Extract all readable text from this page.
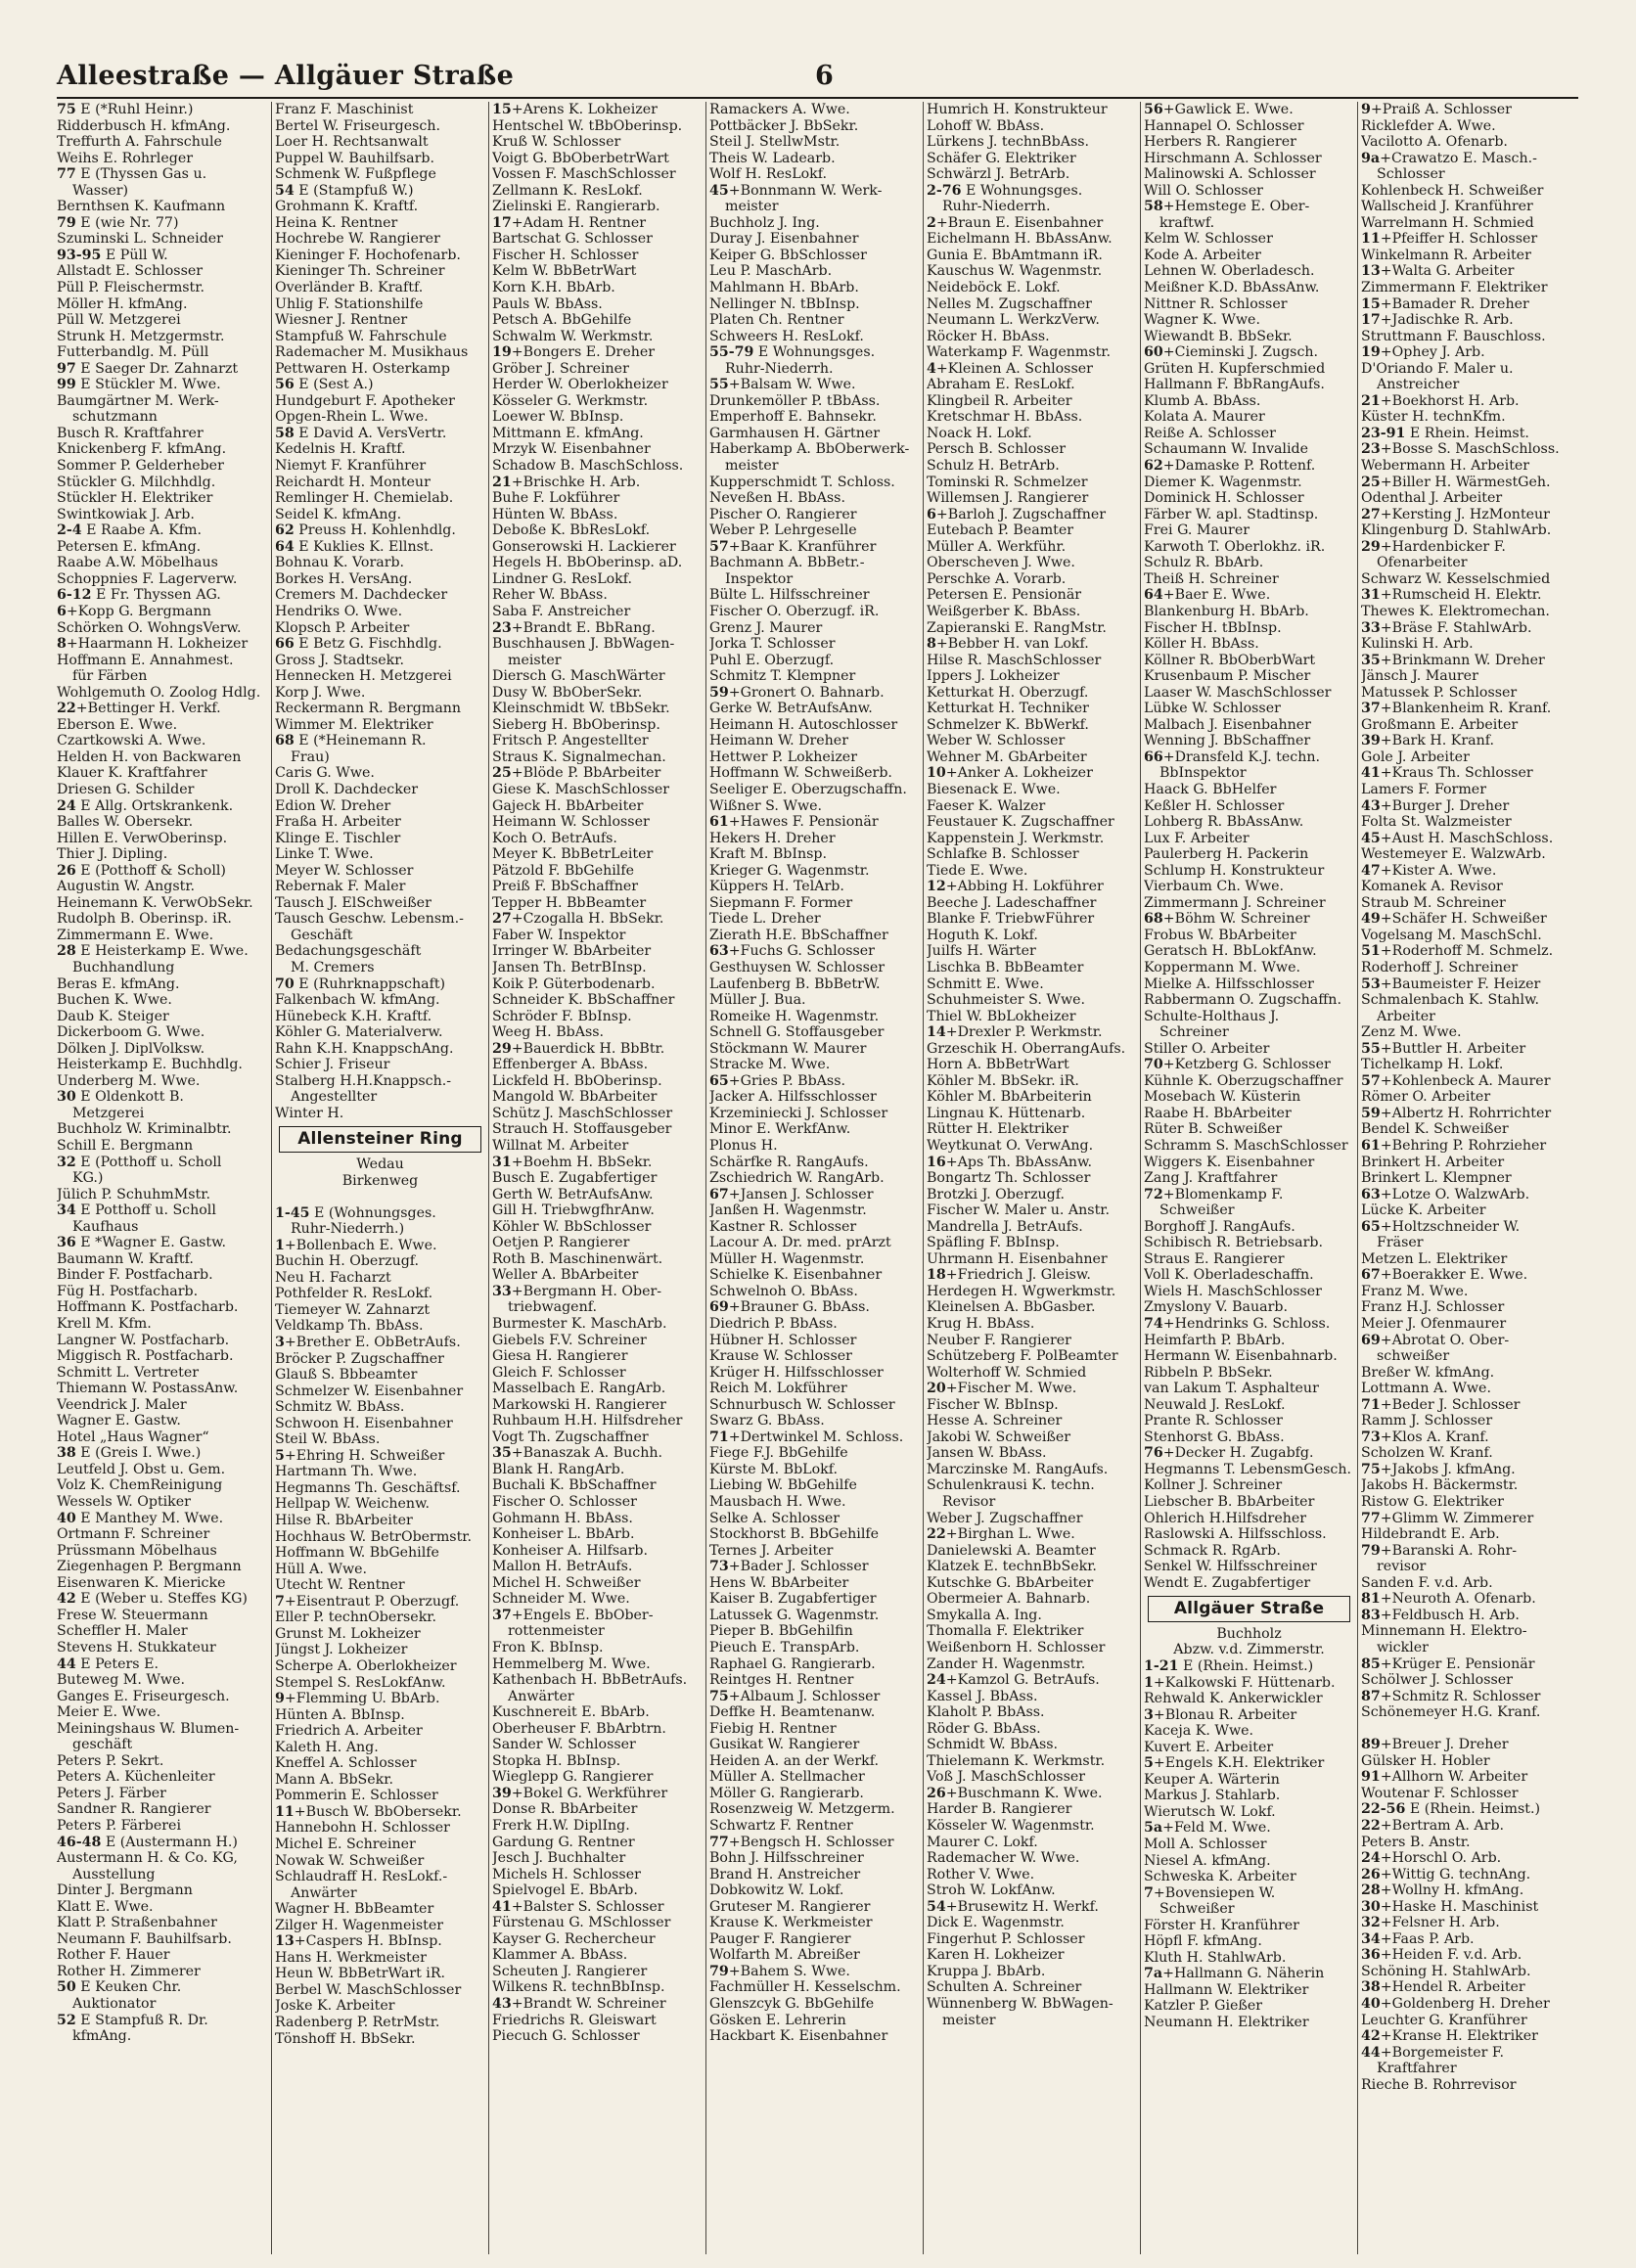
Alleestraße — Allgäuer Straße	6
75 E (*Ruhl Heinr.)
Ridderbusch H. kfmAng.
Treffurth A. Fahrschule
Weihs E. Rohrleger
77 E (Thyssen Gas u.
Wasser)
Bernthsen K. Kaufmann
79 E (wie Nr. 77)
Szuminski L. Schneider
93-95 E Püll W.
Allstadt E. Schlosser
Püll P. Fleischermstr.
Möller H. kfmAng.
Püll W. Metzgerei
Strunk H. Metzgermstr.
Futterbandlg. M. Püll
97 E Saeger Dr. Zahnarzt
99 E Stückler M. Wwe.
Baumgärtner M. Werk-
schutzmann
Busch R. Kraftfahrer
Knickenberg F. kfmAng.
Sommer P. Gelderheber
Stückler G. Milchhdlg.
Stückler H. Elektriker
Swintkowiak J. Arb.
2-4 E Raabe A. Kfm.
Petersen E. kfmAng.
Raabe A.W. Möbelhaus
Schoppnies F. Lagerverw.
6-12 E Fr. Thyssen AG.
6+Kopp G. Bergmann
Schörken O. WohngsVerw.
8+Haarmann H. Lokheizer
Hoffmann E. Annahmest.
für Färben
Wohlgemuth O. Zoolog Hdlg.
22+Bettinger H. Verkf.
Eberson E. Wwe.
Czartkowski A. Wwe.
Helden H. von Backwaren
Klauer K. Kraftfahrer
Driesen G. Schilder
24 E Allg. Ortskrankenk.
Balles W. Obersekr.
Hillen E. VerwOberinsp.
Thier J. Dipling.
26 E (Potthoff & Scholl)
Augustin W. Angstr.
Heinemann K. VerwObSekr.
Rudolph B. Oberinsp. iR.
Zimmermann E. Wwe.
28 E Heisterkamp E. Wwe.
Buchhandlung
Beras E. kfmAng.
Buchen K. Wwe.
Daub K. Steiger
Dickerboom G. Wwe.
Dölken J. DiplVolksw.
Heisterkamp E. Buchhdlg.
Underberg M. Wwe.
30 E Oldenkott B.
Metzgerei
Buchholz W. Kriminalbtr.
Schill E. Bergmann
32 E (Potthoff u. Scholl
KG.)
Jülich P. SchuhmMstr.
34 E Potthoff u. Scholl
Kaufhaus
36 E *Wagner E. Gastw.
Baumann W. Kraftf.
Binder F. Postfacharb.
Füg H. Postfacharb.
Hoffmann K. Postfacharb.
Krell M. Kfm.
Langner W. Postfacharb.
Miggisch R. Postfacharb.
Schmitt L. Vertreter
Thiemann W. PostassAnw.
Veendrick J. Maler
Wagner E. Gastw.
Hotel „Haus Wagner“
38 E (Greis I. Wwe.)
Leutfeld J. Obst u. Gem.
Volz K. ChemReinigung
Wessels W. Optiker
40 E Manthey M. Wwe.
Ortmann F. Schreiner
Prüssmann Möbelhaus
Ziegenhagen P. Bergmann
Eisenwaren K. Miericke
42 E (Weber u. Steffes KG)
Frese W. Steuermann
Scheffler H. Maler
Stevens H. Stukkateur
44 E Peters E.
Buteweg M. Wwe.
Ganges E. Friseurgesch.
Meier E. Wwe.
Meiningshaus W. Blumen-
geschäft
Peters P. Sekrt.
Peters A. Küchenleiter
Peters J. Färber
Sandner R. Rangierer
Peters P. Färberei
46-48 E (Austermann H.)
Austermann H. & Co. KG,
Ausstellung
Dinter J. Bergmann
Klatt E. Wwe.
Klatt P. Straßenbahner
Neumann F. Bauhilfsarb.
Rother F. Hauer
Rother H. Zimmerer
50 E Keuken Chr.
Auktionator
52 E Stampfuß R. Dr.
kfmAng.
Franz F. Maschinist
Bertel W. Friseurgesch.
Loer H. Rechtsanwalt
Puppel W. Bauhilfsarb.
Schmenk W. Fußpflege
54 E (Stampfuß W.)
Grohmann K. Kraftf.
Heina K. Rentner
Hochrebe W. Rangierer
Kieninger F. Hochofenarb.
Kieninger Th. Schreiner
Overländer B. Kraftf.
Uhlig F. Stationshilfe
Wiesner J. Rentner
Stampfuß W. Fahrschule
Rademacher M. Musikhaus
Pettwaren H. Osterkamp
56 E (Sest A.)
Hundgeburt F. Apotheker
Opgen-Rhein L. Wwe.
58 E David A. VersVertr.
Kedelnis H. Kraftf.
Niemyt F. Kranführer
Reichardt H. Monteur
Remlinger H. Chemielab.
Seidel K. kfmAng.
62 Preuss H. Kohlenhdlg.
64 E Kuklies K. Ellnst.
Bohnau K. Vorarb.
Borkes H. VersAng.
Cremers M. Dachdecker
Hendriks O. Wwe.
Klopsch P. Arbeiter
66 E Betz G. Fischhdlg.
Gross J. Stadtsekr.
Hennecken H. Metzgerei
Korp J. Wwe.
Reckermann R. Bergmann
Wimmer M. Elektriker
68 E (*Heinemann R.
Frau)
Caris G. Wwe.
Droll K. Dachdecker
Edion W. Dreher
Fraßa H. Arbeiter
Klinge E. Tischler
Linke T. Wwe.
Meyer W. Schlosser
Rebernak F. Maler
Tausch J. ElSchweißer
Tausch Geschw. Lebensm.-
Geschäft
Bedachungsgeschäft
M. Cremers
70 E (Ruhrknappschaft)
Falkenbach W. kfmAng.
Hünebeck K.H. Kraftf.
Köhler G. Materialverw.
Rahn K.H. KnappschAng.
Schier J. Friseur
Stalberg H.H.Knappsch.-
Angestellter
Winter H.
Allensteiner Ring
Wedau
Birkenweg

1-45 E (Wohnungsges.
Ruhr-Niederrh.)
1+Bollenbach E. Wwe.
Buchin H. Oberzugf.
Neu H. Facharzt
Pothfelder R. ResLokf.
Tiemeyer W. Zahnarzt
Veldkamp Th. BbAss.
3+Brether E. ObBetrAufs.
Bröcker P. Zugschaffner
Glauß S. Bbbeamter
Schmelzer W. Eisenbahner
Schmitz W. BbAss.
Schwoon H. Eisenbahner
Steil W. BbAss.
5+Ehring H. Schweißer
Hartmann Th. Wwe.
Hegmanns Th. Geschäftsf.
Hellpap W. Weichenw.
Hilse R. BbArbeiter
Hochhaus W. BetrObermstr.
Hoffmann W. BbGehilfe
Hüll A. Wwe.
Utecht W. Rentner
7+Eisentraut P. Oberzugf.
Eller P. technObersekr.
Grunst M. Lokheizer
Jüngst J. Lokheizer
Scherpe A. Oberlokheizer
Stempel S. ResLokfAnw.
9+Flemming U. BbArb.
Hünten A. BbInsp.
Friedrich A. Arbeiter
Kaleth H. Ang.
Kneffel A. Schlosser
Mann A. BbSekr.
Pommerin E. Schlosser
11+Busch W. BbObersekr.
Hannebohn H. Schlosser
Michel E. Schreiner
Nowak W. Schweißer
Schlaudraff H. ResLokf.-
Anwärter
Wagner H. BbBeamter
Zilger H. Wagenmeister
13+Caspers H. BbInsp.
Hans H. Werkmeister
Heun W. BbBetrWart iR.
Berbel W. MaschSchlosser
Joske K. Arbeiter
Radenberg P. RetrMstr.
Tönshoff H. BbSekr.
15+Arens K. Lokheizer
Hentschel W. tBbOberinsp.
Kruß W. Schlosser
Voigt G. BbOberbetrWart
Vossen F. MaschSchlosser
Zellmann K. ResLokf.
Zielinski E. Rangierarb.
17+Adam H. Rentner
Bartschat G. Schlosser
Fischer H. Schlosser
Kelm W. BbBetrWart
Korn K.H. BbArb.
Pauls W. BbAss.
Petsch A. BbGehilfe
Schwalm W. Werkmstr.
19+Bongers E. Dreher
Gröber J. Schreiner
Herder W. Oberlokheizer
Kösseler G. Werkmstr.
Loewer W. BbInsp.
Mittmann E. kfmAng.
Mrzyk W. Eisenbahner
Schadow B. MaschSchloss.
21+Brischke H. Arb.
Buhe F. Lokführer
Hünten W. BbAss.
Deboße K. BbResLokf.
Gonserowski H. Lackierer
Hegels H. BbOberinsp. aD.
Lindner G. ResLokf.
Reher W. BbAss.
Saba F. Anstreicher
23+Brandt E. BbRang.
Buschhausen J. BbWagen-
meister
Diersch G. MaschWärter
Dusy W. BbOberSekr.
Kleinschmidt W. tBbSekr.
Sieberg H. BbOberinsp.
Fritsch P. Angestellter
Straus K. Signalmechan.
25+Blöde P. BbArbeiter
Giese K. MaschSchlosser
Gajeck H. BbArbeiter
Heimann W. Schlosser
Koch O. BetrAufs.
Meyer K. BbBetrLeiter
Pätzold F. BbGehilfe
Preiß F. BbSchaffner
Tepper H. BbBeamter
27+Czogalla H. BbSekr.
Faber W. Inspektor
Irringer W. BbArbeiter
Jansen Th. BetrBInsp.
Koik P. Güterbodenarb.
Schneider K. BbSchaffner
Schröder F. BbInsp.
Weeg H. BbAss.
29+Bauerdick H. BbBtr.
Effenberger A. BbAss.
Lickfeld H. BbOberinsp.
Mangold W. BbArbeiter
Schütz J. MaschSchlosser
Strauch H. Stoffausgeber
Willnat M. Arbeiter
31+Boehm H. BbSekr.
Busch E. Zugabfertiger
Gerth W. BetrAufsAnw.
Gill H. TriebwgfhrAnw.
Köhler W. BbSchlosser
Oetjen P. Rangierer
Roth B. Maschinenwärt.
Weller A. BbArbeiter
33+Bergmann H. Ober-
triebwagenf.
Burmester K. MaschArb.
Giebels F.V. Schreiner
Giesa H. Rangierer
Gleich F. Schlosser
Masselbach E. RangArb.
Markowski H. Rangierer
Ruhbaum H.H. Hilfsdreher
Vogt Th. Zugschaffner
35+Banaszak A. Buchh.
Blank H. RangArb.
Buchali K. BbSchaffner
Fischer O. Schlosser
Gohmann H. BbAss.
Konheiser L. BbArb.
Konheiser A. Hilfsarb.
Mallon H. BetrAufs.
Michel H. Schweißer
Schneider M. Wwe.
37+Engels E. BbOber-
rottenmeister
Fron K. BbInsp.
Hemmelberg M. Wwe.
Kathenbach H. BbBetrAufs.
Anwärter
Kuschnereit E. BbArb.
Oberheuser F. BbArbtrn.
Sander W. Schlosser
Stopka H. BbInsp.
Wieglepp G. Rangierer
39+Bokel G. Werkführer
Donse R. BbArbeiter
Frerk H.W. DiplIng.
Gardung G. Rentner
Jesch J. Buchhalter
Michels H. Schlosser
Spielvogel E. BbArb.
41+Balster S. Schlosser
Fürstenau G. MSchlosser
Kayser G. Rechercheur
Klammer A. BbAss.
Scheuten J. Rangierer
Wilkens R. technBbInsp.
43+Brandt W. Schreiner
Friedrichs R. Gleiswart
Piecuch G. Schlosser
Ramackers A. Wwe.
Pottbäcker J. BbSekr.
Steil J. StellwMstr.
Theis W. Ladearb.
Wolf H. ResLokf.
45+Bonnmann W. Werk-
meister
Buchholz J. Ing.
Duray J. Eisenbahner
Keiper G. BbSchlosser
Leu P. MaschArb.
Mahlmann H. BbArb.
Nellinger N. tBbInsp.
Platen Ch. Rentner
Schweers H. ResLokf.
55-79 E Wohnungsges.
Ruhr-Niederrh.
55+Balsam W. Wwe.
Drunkemöller P. tBbAss.
Emperhoff E. Bahnsekr.
Garmhausen H. Gärtner
Haberkamp A. BbOberwerk-
meister
Kupperschmidt T. Schloss.
Neveßen H. BbAss.
Pischer O. Rangierer
Weber P. Lehrgeselle
57+Baar K. Kranführer
Bachmann A. BbBetr.-
Inspektor
Bülte L. Hilfsschreiner
Fischer O. Oberzugf. iR.
Grenz J. Maurer
Jorka T. Schlosser
Puhl E. Oberzugf.
Schmitz T. Klempner
59+Gronert O. Bahnarb.
Gerke W. BetrAufsAnw.
Heimann H. Autoschlosser
Heimann W. Dreher
Hettwer P. Lokheizer
Hoffmann W. Schweißerb.
Seeliger E. Oberzugschaffn.
Wißner S. Wwe.
61+Hawes F. Pensionär
Hekers H. Dreher
Kraft M. BbInsp.
Krieger G. Wagenmstr.
Küppers H. TelArb.
Siepmann F. Former
Tiede L. Dreher
Zierath H.E. BbSchaffner
63+Fuchs G. Schlosser
Gesthuysen W. Schlosser
Laufenberg B. BbBetrW.
Müller J. Bua.
Romeike H. Wagenmstr.
Schnell G. Stoffausgeber
Stöckmann W. Maurer
Stracke M. Wwe.
65+Gries P. BbAss.
Jacker A. Hilfsschlosser
Krzeminiecki J. Schlosser
Minor E. WerkfAnw.
Plonus H.
Schärfke R. RangAufs.
Zschiedrich W. RangArb.
67+Jansen J. Schlosser
Janßen H. Wagenmstr.
Kastner R. Schlosser
Lacour A. Dr. med. prArzt
Müller H. Wagenmstr.
Schielke K. Eisenbahner
Schwelnoh O. BbAss.
69+Brauner G. BbAss.
Diedrich P. BbAss.
Hübner H. Schlosser
Krause W. Schlosser
Krüger H. Hilfsschlosser
Reich M. Lokführer
Schnurbusch W. Schlosser
Swarz G. BbAss.
71+Dertwinkel M. Schloss.
Fiege F.J. BbGehilfe
Kürste M. BbLokf.
Liebing W. BbGehilfe
Mausbach H. Wwe.
Selke A. Schlosser
Stockhorst B. BbGehilfe
Ternes J. Arbeiter
73+Bader J. Schlosser
Hens W. BbArbeiter
Kaiser B. Zugabfertiger
Latussek G. Wagenmstr.
Pieper B. BbGehilfin
Pieuch E. TranspArb.
Raphael G. Rangierarb.
Reintges H. Rentner
75+Albaum J. Schlosser
Deffke H. Beamtenanw.
Fiebig H. Rentner
Gusikat W. Rangierer
Heiden A. an der Werkf.
Müller A. Stellmacher
Möller G. Rangierarb.
Rosenzweig W. Metzgerm.
Schwartz F. Rentner
77+Bengsch H. Schlosser
Bohn J. Hilfsschreiner
Brand H. Anstreicher
Dobkowitz W. Lokf.
Gruteser M. Rangierer
Krause K. Werkmeister
Pauger F. Rangierer
Wolfarth M. Abreißer
79+Bahem S. Wwe.
Fachmüller H. Kesselschm.
Glenszcyk G. BbGehilfe
Gösken E. Lehrerin
Hackbart K. Eisenbahner
Humrich H. Konstrukteur
Lohoff W. BbAss.
Lürkens J. technBbAss.
Schäfer G. Elektriker
Schwärzl J. BetrArb.
2-76 E Wohnungsges.
Ruhr-Niederrh.
2+Braun E. Eisenbahner
Eichelmann H. BbAssAnw.
Gunia E. BbAmtmann iR.
Kauschus W. Wagenmstr.
Neideböck E. Lokf.
Nelles M. Zugschaffner
Neumann L. WerkzVerw.
Röcker H. BbAss.
Waterkamp F. Wagenmstr.
4+Kleinen A. Schlosser
Abraham E. ResLokf.
Klingbeil R. Arbeiter
Kretschmar H. BbAss.
Noack H. Lokf.
Persch B. Schlosser
Schulz H. BetrArb.
Tominski R. Schmelzer
Willemsen J. Rangierer
6+Barloh J. Zugschaffner
Eutebach P. Beamter
Müller A. Werkführ.
Oberscheven J. Wwe.
Perschke A. Vorarb.
Petersen E. Pensionär
Weißgerber K. BbAss.
Zapieranski E. RangMstr.
8+Bebber H. van Lokf.
Hilse R. MaschSchlosser
Ippers J. Lokheizer
Ketturkat H. Oberzugf.
Ketturkat H. Techniker
Schmelzer K. BbWerkf.
Weber W. Schlosser
Wehner M. GbArbeiter
10+Anker A. Lokheizer
Biesenack E. Wwe.
Faeser K. Walzer
Feustauer K. Zugschaffner
Kappenstein J. Werkmstr.
Schlafke B. Schlosser
Tiede E. Wwe.
12+Abbing H. Lokführer
Beeche J. Ladeschaffner
Blanke F. TriebwFührer
Hoguth K. Lokf.
Juilfs H. Wärter
Lischka B. BbBeamter
Schmitt E. Wwe.
Schuhmeister S. Wwe.
Thiel W. BbLokheizer
14+Drexler P. Werkmstr.
Grzeschik H. OberrangAufs.
Horn A. BbBetrWart
Köhler M. BbSekr. iR.
Köhler M. BbArbeiterin
Lingnau K. Hüttenarb.
Rütter H. Elektriker
Weytkunat O. VerwAng.
16+Aps Th. BbAssAnw.
Bongartz Th. Schlosser
Brotzki J. Oberzugf.
Fischer W. Maler u. Anstr.
Mandrella J. BetrAufs.
Späfling F. BbInsp.
Uhrmann H. Eisenbahner
18+Friedrich J. Gleisw.
Herdegen H. Wgwerkmstr.
Kleinelsen A. BbGasber.
Krug H. BbAss.
Neuber F. Rangierer
Schützeberg F. PolBeamter
Wolterhoff W. Schmied
20+Fischer M. Wwe.
Fischer W. BbInsp.
Hesse A. Schreiner
Jakobi W. Schweißer
Jansen W. BbAss.
Marczinske M. RangAufs.
Schulenkrausi K. techn.
Revisor
Weber J. Zugschaffner
22+Birghan L. Wwe.
Danielewski A. Beamter
Klatzek E. technBbSekr.
Kutschke G. BbArbeiter
Obermeier A. Bahnarb.
Smykalla A. Ing.
Thomalla F. Elektriker
Weißenborn H. Schlosser
Zander H. Wagenmstr.
24+Kamzol G. BetrAufs.
Kassel J. BbAss.
Klaholt P. BbAss.
Röder G. BbAss.
Schmidt W. BbAss.
Thielemann K. Werkmstr.
Voß J. MaschSchlosser
26+Buschmann K. Wwe.
Harder B. Rangierer
Kösseler W. Wagenmstr.
Maurer C. Lokf.
Rademacher W. Wwe.
Rother V. Wwe.
Stroh W. LokfAnw.
54+Brusewitz H. Werkf.
Dick E. Wagenmstr.
Fingerhut P. Schlosser
Karen H. Lokheizer
Kruppa J. BbArb.
Schulten A. Schreiner
Wünnenberg W. BbWagen-
meister
56+Gawlick E. Wwe.
Hannapel O. Schlosser
Herbers R. Rangierer
Hirschmann A. Schlosser
Malinowski A. Schlosser
Will O. Schlosser
58+Hemstege E. Ober-
kraftwf.
Kelm W. Schlosser
Kode A. Arbeiter
Lehnen W. Oberladesch.
Meißner K.D. BbAssAnw.
Nittner R. Schlosser
Wagner K. Wwe.
Wiewandt B. BbSekr.
60+Cieminski J. Zugsch.
Grüten H. Kupferschmied
Hallmann F. BbRangAufs.
Klumb A. BbAss.
Kolata A. Maurer
Reiße A. Schlosser
Schaumann W. Invalide
62+Damaske P. Rottenf.
Diemer K. Wagenmstr.
Dominick H. Schlosser
Färber W. apl. Stadtinsp.
Frei G. Maurer
Karwoth T. Oberlokhz. iR.
Schulz R. BbArb.
Theiß H. Schreiner
64+Baer E. Wwe.
Blankenburg H. BbArb.
Fischer H. tBbInsp.
Köller H. BbAss.
Köllner R. BbOberbWart
Krusenbaum P. Mischer
Laaser W. MaschSchlosser
Lübke W. Schlosser
Malbach J. Eisenbahner
Wenning J. BbSchaffner
66+Dransfeld K.J. techn.
BbInspektor
Haack G. BbHelfer
Keßler H. Schlosser
Lohberg R. BbAssAnw.
Lux F. Arbeiter
Paulerberg H. Packerin
Schlump H. Konstrukteur
Vierbaum Ch. Wwe.
Zimmermann J. Schreiner
68+Böhm W. Schreiner
Frobus W. BbArbeiter
Geratsch H. BbLokfAnw.
Koppermann M. Wwe.
Mielke A. Hilfsschlosser
Rabbermann O. Zugschaffn.
Schulte-Holthaus J.
Schreiner
Stiller O. Arbeiter
70+Ketzberg G. Schlosser
Kühnle K. Oberzugschaffner
Mosebach W. Küsterin
Raabe H. BbArbeiter
Rüter B. Schweißer
Schramm S. MaschSchlosser
Wiggers K. Eisenbahner
Zang J. Kraftfahrer
72+Blomenkamp F.
Schweißer
Borghoff J. RangAufs.
Schibisch R. Betriebsarb.
Straus E. Rangierer
Voll K. Oberladeschaffn.
Wiels H. MaschSchlosser
Zmyslony V. Bauarb.
74+Hendrinks G. Schloss.
Heimfarth P. BbArb.
Hermann W. Eisenbahnarb.
Ribbeln P. BbSekr.
van Lakum T. Asphalteur
Neuwald J. ResLokf.
Prante R. Schlosser
Stenhorst G. BbAss.
76+Decker H. Zugabfg.
Hegmanns T. LebensmGesch.
Kollner J. Schreiner
Liebscher B. BbArbeiter
Ohlerich H.Hilfsdreher
Raslowski A. Hilfsschloss.
Schmack R. RgArb.
Senkel W. Hilfsschreiner
Wendt E. Zugabfertiger
Allgäuer Straße
Buchholz
Abzw. v.d. Zimmerstr.
1-21 E (Rhein. Heimst.)
1+Kalkowski F. Hüttenarb.
Rehwald K. Ankerwickler
3+Blonau R. Arbeiter
Kaceja K. Wwe.
Kuvert E. Arbeiter
5+Engels K.H. Elektriker
Keuper A. Wärterin
Markus J. Stahlarb.
Wierutsch W. Lokf.
5a+Feld M. Wwe.
Moll A. Schlosser
Niesel A. kfmAng.
Schweska K. Arbeiter
7+Bovensiepen W.
Schweißer
Förster H. Kranführer
Höpfl F. kfmAng.
Kluth H. StahlwArb.
7a+Hallmann G. Näherin
Hallmann W. Elektriker
Katzler P. Gießer
Neumann H. Elektriker
9+Praiß A. Schlosser
Ricklefder A. Wwe.
Vacilotto A. Ofenarb.
9a+Crawatzo E. Masch.-
Schlosser
Kohlenbeck H. Schweißer
Wallscheid J. Kranführer
Warrelmann H. Schmied
11+Pfeiffer H. Schlosser
Winkelmann R. Arbeiter
13+Walta G. Arbeiter
Zimmermann F. Elektriker
15+Bamader R. Dreher
17+Jadischke R. Arb.
Struttmann F. Bauschloss.
19+Ophey J. Arb.
D'Oriando F. Maler u.
Anstreicher
21+Boekhorst H. Arb.
Küster H. technKfm.
23-91 E Rhein. Heimst.
23+Bosse S. MaschSchloss.
Webermann H. Arbeiter
25+Biller H. WärmestGeh.
Odenthal J. Arbeiter
27+Kersting J. HzMonteur
Klingenburg D. StahlwArb.
29+Hardenbicker F.
Ofenarbeiter
Schwarz W. Kesselschmied
31+Rumscheid H. Elektr.
Thewes K. Elektromechan.
33+Bräse F. StahlwArb.
Kulinski H. Arb.
35+Brinkmann W. Dreher
Jänsch J. Maurer
Matussek P. Schlosser
37+Blankenheim R. Kranf.
Großmann E. Arbeiter
39+Bark H. Kranf.
Gole J. Arbeiter
41+Kraus Th. Schlosser
Lamers F. Former
43+Burger J. Dreher
Folta St. Walzmeister
45+Aust H. MaschSchloss.
Westemeyer E. WalzwArb.
47+Kister A. Wwe.
Komanek A. Revisor
Straub M. Schreiner
49+Schäfer H. Schweißer
Vogelsang M. MaschSchl.
51+Roderhoff M. Schmelz.
Roderhoff J. Schreiner
53+Baumeister F. Heizer
Schmalenbach K. Stahlw.
Arbeiter
Zenz M. Wwe.
55+Buttler H. Arbeiter
Tichelkamp H. Lokf.
57+Kohlenbeck A. Maurer
Römer O. Arbeiter
59+Albertz H. Rohrrichter
Bendel K. Schweißer
61+Behring P. Rohrzieher
Brinkert H. Arbeiter
Brinkert L. Klempner
63+Lotze O. WalzwArb.
Lücke K. Arbeiter
65+Holtzschneider W.
Fräser
Metzen L. Elektriker
67+Boerakker E. Wwe.
Franz M. Wwe.
Franz H.J. Schlosser
Meier J. Ofenmaurer
69+Abrotat O. Ober-
schweißer
Breßer W. kfmAng.
Lottmann A. Wwe.
71+Beder J. Schlosser
Ramm J. Schlosser
73+Klos A. Kranf.
Scholzen W. Kranf.
75+Jakobs J. kfmAng.
Jakobs H. Bäckermstr.
Ristow G. Elektriker
77+Glimm W. Zimmerer
Hildebrandt E. Arb.
79+Baranski A. Rohr-
revisor
Sanden F. v.d. Arb.
81+Neuroth A. Ofenarb.
83+Feldbusch H. Arb.
Minnemann H. Elektro-
wickler
85+Krüger E. Pensionär
Schölwer J. Schlosser
87+Schmitz R. Schlosser
Schönemeyer H.G. Kranf.

89+Breuer J. Dreher
Gülsker H. Hobler
91+Allhorn W. Arbeiter
Woutenar F. Schlosser
22-56 E (Rhein. Heimst.)
22+Bertram A. Arb.
Peters B. Anstr.
24+Horschl O. Arb.
26+Wittig G. technAng.
28+Wollny H. kfmAng.
30+Haske H. Maschinist
32+Felsner H. Arb.
34+Faas P. Arb.
36+Heiden F. v.d. Arb.
Schöning H. StahlwArb.
38+Hendel R. Arbeiter
40+Goldenberg H. Dreher
Leuchter G. Kranführer
42+Kranse H. Elektriker
44+Borgemeister F.
Kraftfahrer
Rieche B. Rohrrevisor
